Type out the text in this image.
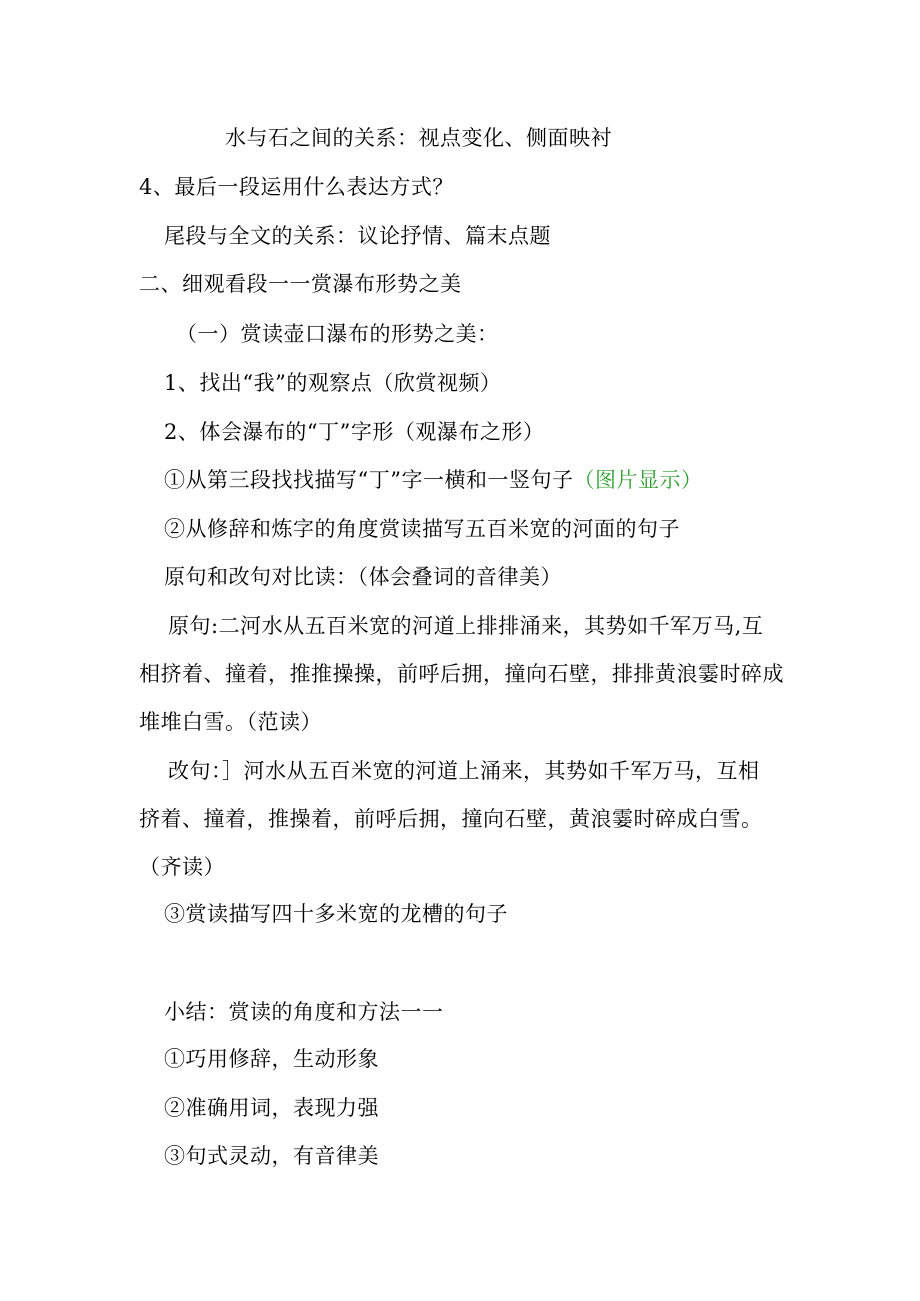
水与石之间的关系：视点变化、侧面映衬
4、最后一段运用什么表达方式？
尾段与全文的关系：议论抒情、篇末点题
二、细观看段一一赏瀑布形势之美
（一）赏读壶口瀑布的形势之美：
1、找出“我”的观察点（欣赏视频）
2、体会瀑布的“丁”字形（观瀑布之形）
①从第三段找找描写“丁”字一横和一竖句子（图片显示）
②从修辞和炼字的角度赏读描写五百米宽的河面的句子
原句和改句对比读：（体会叠词的音律美）
原句:二河水从五百米宽的河道上排排涌来，其势如千军万马,互
相挤着、撞着，推推操操，前呼后拥，撞向石壁，排排黄浪霎时碎成
堆堆白雪。（范读）
改句：］河水从五百米宽的河道上涌来，其势如千军万马，互相
挤着、撞着，推操着，前呼后拥，撞向石壁，黄浪霎时碎成白雪。
（齐读）
③赏读描写四十多米宽的龙槽的句子
小结：赏读的角度和方法一一
①巧用修辞，生动形象
②准确用词，表现力强
③句式灵动，有音律美
